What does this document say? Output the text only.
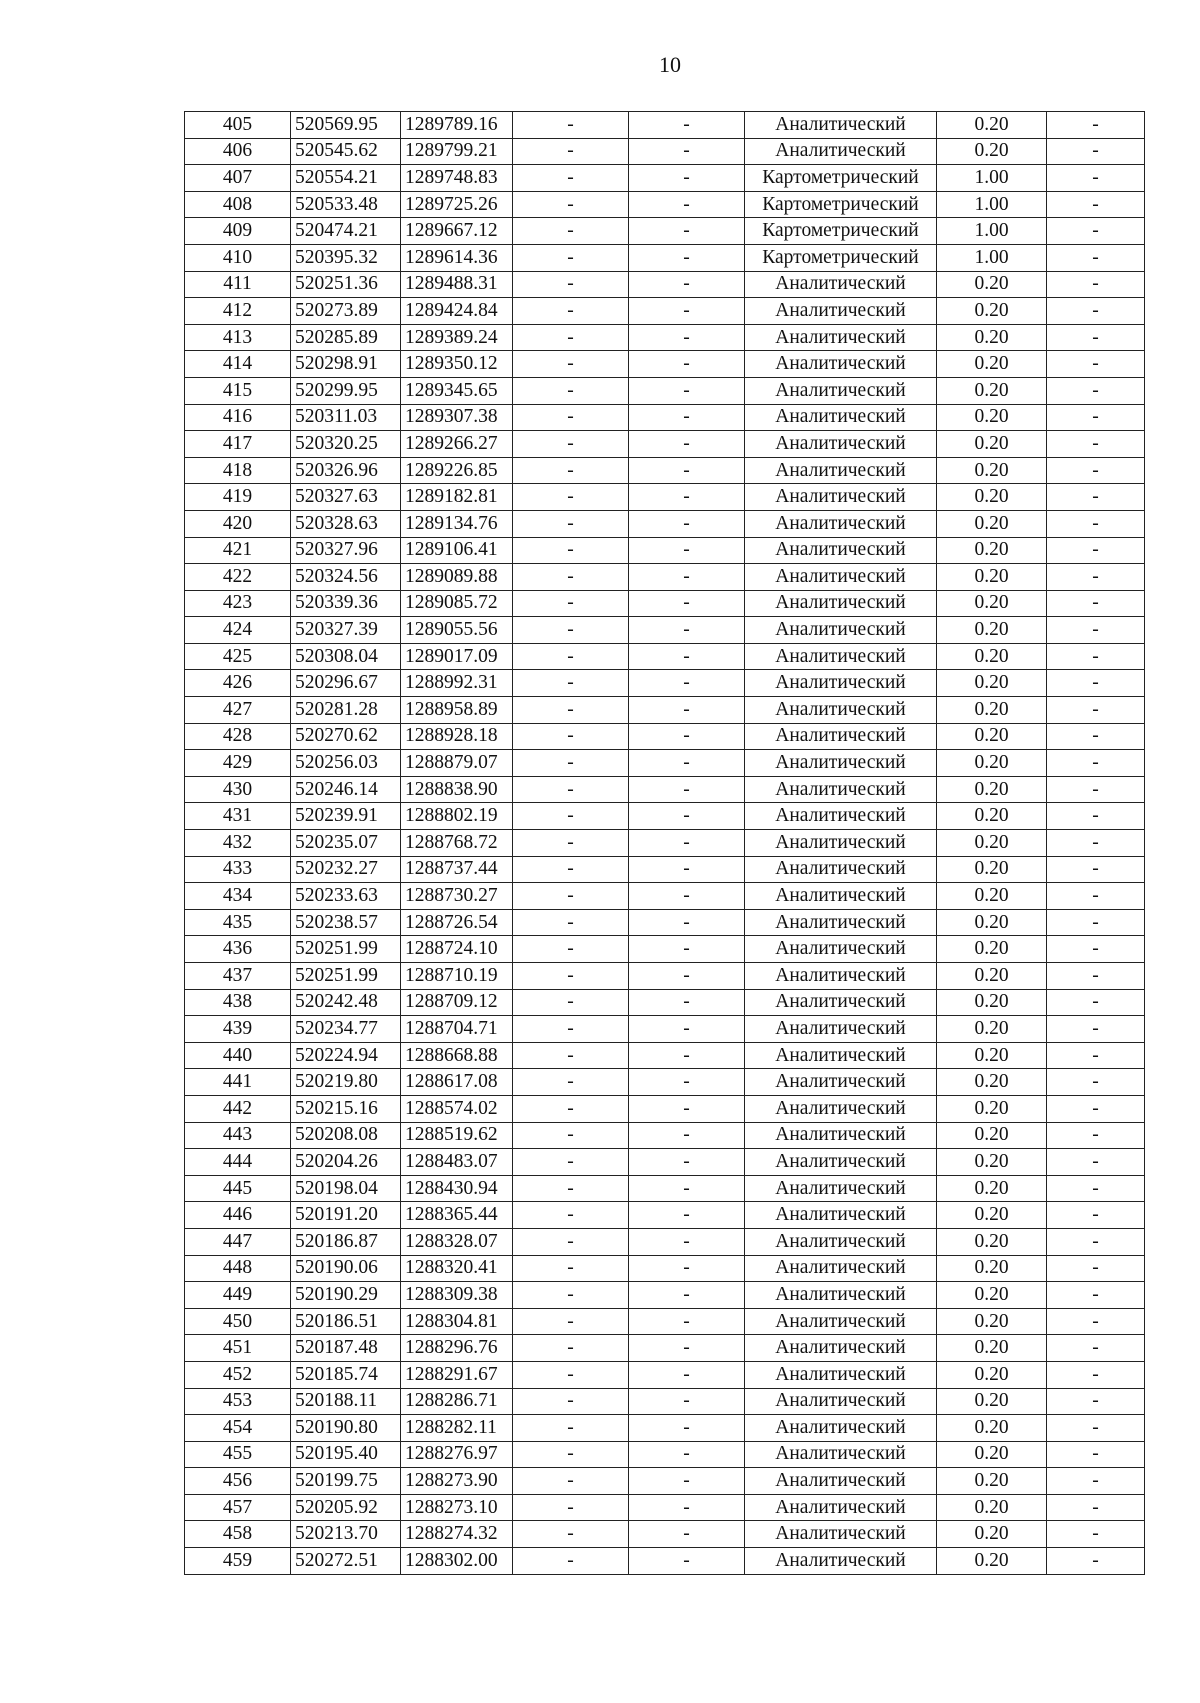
10
405	520569.95	1289789.16	-	-	Аналитический	0.20	-
406	520545.62	1289799.21	-	-	Аналитический	0.20	-
407	520554.21	1289748.83	-	-	Картометрический	1.00	-
408	520533.48	1289725.26	-	-	Картометрический	1.00	-
409	520474.21	1289667.12	-	-	Картометрический	1.00	-
410	520395.32	1289614.36	-	-	Картометрический	1.00	-
411	520251.36	1289488.31	-	-	Аналитический	0.20	-
412	520273.89	1289424.84	-	-	Аналитический	0.20	-
413	520285.89	1289389.24	-	-	Аналитический	0.20	-
414	520298.91	1289350.12	-	-	Аналитический	0.20	-
415	520299.95	1289345.65	-	-	Аналитический	0.20	-
416	520311.03	1289307.38	-	-	Аналитический	0.20	-
417	520320.25	1289266.27	-	-	Аналитический	0.20	-
418	520326.96	1289226.85	-	-	Аналитический	0.20	-
419	520327.63	1289182.81	-	-	Аналитический	0.20	-
420	520328.63	1289134.76	-	-	Аналитический	0.20	-
421	520327.96	1289106.41	-	-	Аналитический	0.20	-
422	520324.56	1289089.88	-	-	Аналитический	0.20	-
423	520339.36	1289085.72	-	-	Аналитический	0.20	-
424	520327.39	1289055.56	-	-	Аналитический	0.20	-
425	520308.04	1289017.09	-	-	Аналитический	0.20	-
426	520296.67	1288992.31	-	-	Аналитический	0.20	-
427	520281.28	1288958.89	-	-	Аналитический	0.20	-
428	520270.62	1288928.18	-	-	Аналитический	0.20	-
429	520256.03	1288879.07	-	-	Аналитический	0.20	-
430	520246.14	1288838.90	-	-	Аналитический	0.20	-
431	520239.91	1288802.19	-	-	Аналитический	0.20	-
432	520235.07	1288768.72	-	-	Аналитический	0.20	-
433	520232.27	1288737.44	-	-	Аналитический	0.20	-
434	520233.63	1288730.27	-	-	Аналитический	0.20	-
435	520238.57	1288726.54	-	-	Аналитический	0.20	-
436	520251.99	1288724.10	-	-	Аналитический	0.20	-
437	520251.99	1288710.19	-	-	Аналитический	0.20	-
438	520242.48	1288709.12	-	-	Аналитический	0.20	-
439	520234.77	1288704.71	-	-	Аналитический	0.20	-
440	520224.94	1288668.88	-	-	Аналитический	0.20	-
441	520219.80	1288617.08	-	-	Аналитический	0.20	-
442	520215.16	1288574.02	-	-	Аналитический	0.20	-
443	520208.08	1288519.62	-	-	Аналитический	0.20	-
444	520204.26	1288483.07	-	-	Аналитический	0.20	-
445	520198.04	1288430.94	-	-	Аналитический	0.20	-
446	520191.20	1288365.44	-	-	Аналитический	0.20	-
447	520186.87	1288328.07	-	-	Аналитический	0.20	-
448	520190.06	1288320.41	-	-	Аналитический	0.20	-
449	520190.29	1288309.38	-	-	Аналитический	0.20	-
450	520186.51	1288304.81	-	-	Аналитический	0.20	-
451	520187.48	1288296.76	-	-	Аналитический	0.20	-
452	520185.74	1288291.67	-	-	Аналитический	0.20	-
453	520188.11	1288286.71	-	-	Аналитический	0.20	-
454	520190.80	1288282.11	-	-	Аналитический	0.20	-
455	520195.40	1288276.97	-	-	Аналитический	0.20	-
456	520199.75	1288273.90	-	-	Аналитический	0.20	-
457	520205.92	1288273.10	-	-	Аналитический	0.20	-
458	520213.70	1288274.32	-	-	Аналитический	0.20	-
459	520272.51	1288302.00	-	-	Аналитический	0.20	-
